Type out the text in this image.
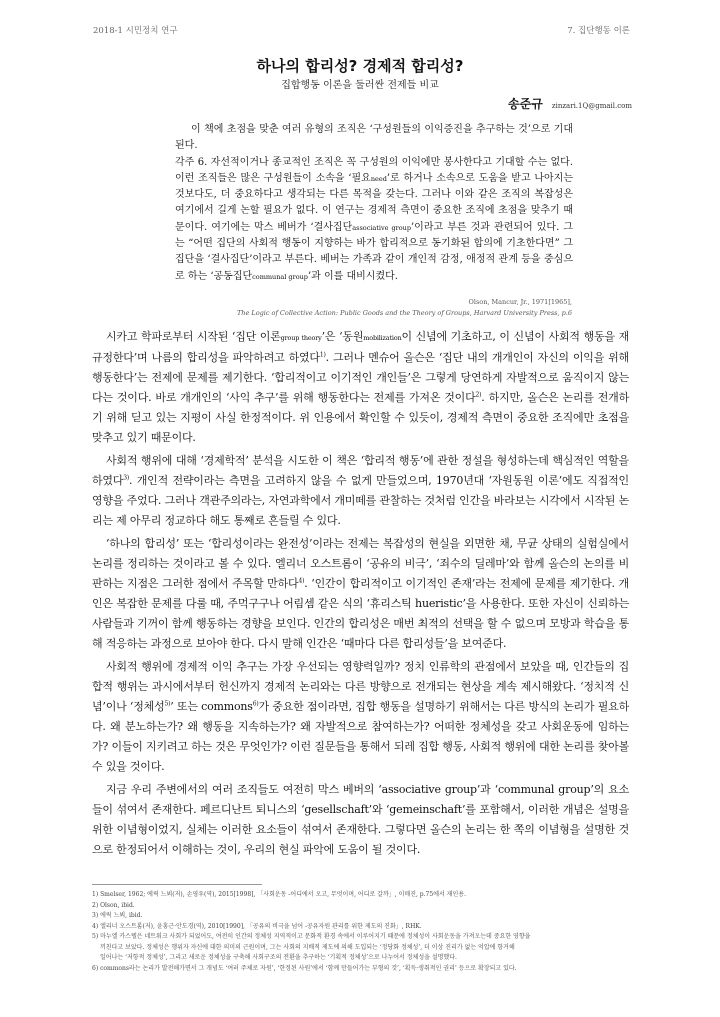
2018-1 시민정치 연구	7. 집단행동 이론
하나의 합리성? 경제적 합리성?
집합행동 이론을 둘러싼 전제들 비교
송준규 zinzari.1Q@gmail.com

이 책에 초점을 맞춘 여러 유형의 조직은 ‘구성원들의 이익증진을 추구하는 것’으로 기대된다.

각주 6. 자선적이거나 종교적인 조직은 꼭 구성원의 이익에만 봉사한다고 기대할 수는 없다. 이런 조직들은 많은 구성원들이 소속을 ‘필요need’로 하거나 소속으로 도움을 받고 나아지는 것보다도, 더 중요하다고 생각되는 다른 목적을 갖는다. 그러나 이와 같은 조직의 복잡성은 여기에서 길게 논할 필요가 없다. 이 연구는 경제적 측면이 중요한 조직에 초점을 맞추기 때문이다. 여기에는 막스 베버가 ‘결사집단associative group’이라고 부른 것과 관련되어 있다. 그는 “어떤 집단의 사회적 행동이 지향하는 바가 합리적으로 동기화된 합의에 기초한다면” 그 집단을 ‘결사집단’이라고 부른다. 베버는 가족과 같이 개인적 감정, 애정적 관계 등을 중심으로 하는 ‘공동집단communal group’과 이를 대비시켰다.

Olson, Mancur, Jr., 1971[1965],
The Logic of Collective Action: Public Goods and the Theory of Groups, Harvard University Press, p.6

시카고 학파로부터 시작된 ‘집단 이론group theory’은 ‘동원mobilization이 신념에 기초하고, 이 신념이 사회적 행동을 재규정한다’며 나름의 합리성을 파악하려고 하였다$^{1)}$. 그러나 멘슈어 올슨은 ‘집단 내의 개개인이 자신의 이익을 위해 행동한다’는 전제에 문제를 제기한다. ‘합리적이고 이기적인 개인들’은 그렇게 당연하게 자발적으로 움직이지 않는다는 것이다. 바로 개개인의 ‘사익 추구’를 위해 행동한다는 전제를 가져온 것이다$^{2)}$. 하지만, 올슨은 논리를 전개하기 위해 딛고 있는 지평이 사실 한정적이다. 위 인용에서 확인할 수 있듯이, 경제적 측면이 중요한 조직에만 초점을 맞추고 있기 때문이다.

사회적 행위에 대해 ‘경제학적’ 분석을 시도한 이 책은 ‘합리적 행동’에 관한 정설을 형성하는데 핵심적인 역할을 하였다$^{3)}$. 개인적 전략이라는 측면을 고려하지 않을 수 없게 만들었으며, 1970년대 ‘자원동원 이론’에도 직접적인 영향을 주었다. 그러나 객관주의라는, 자연과학에서 개미떼를 관찰하는 것처럼 인간을 바라보는 시각에서 시작된 논리는 제 아무리 정교하다 해도 통째로 흔들릴 수 있다.

‘하나의 합리성’ 또는 ‘합리성이라는 완전성’이라는 전제는 복잡성의 현실을 외면한 채, 무균 상태의 실험실에서 논리를 정리하는 것이라고 볼 수 있다. 엘리너 오스트롬이 ‘공유의 비극’, ‘죄수의 딜레마’와 함께 올슨의 논의를 비판하는 지점은 그러한 점에서 주목할 만하다$^{4)}$. ‘인간이 합리적이고 이기적인 존재’라는 전제에 문제를 제기한다. 개인은 복잡한 문제를 다룰 때, 주먹구구나 어림셈 같은 식의 ‘휴리스틱 hueristic’을 사용한다. 또한 자신이 신뢰하는 사람들과 기꺼이 함께 행동하는 경향을 보인다. 인간의 합리성은 매번 최적의 선택을 할 수 없으며 모방과 학습을 통해 적응하는 과정으로 보아야 한다. 다시 말해 인간은 ‘때마다 다른 합리성들’을 보여준다.

사회적 행위에 경제적 이익 추구는 가장 우선되는 영향력일까? 정치 인류학의 관점에서 보았을 때, 인간들의 집합적 행위는 과시에서부터 헌신까지 경제적 논리와는 다른 방향으로 전개되는 현상을 계속 제시해왔다. ‘정치적 신념’이나 ‘정체성$^{5)}$’ 또는 commons$^{6)}$가 중요한 점이라면, 집합 행동을 설명하기 위해서는 다른 방식의 논리가 필요하다. 왜 분노하는가? 왜 행동을 지속하는가? 왜 자발적으로 참여하는가? 어떠한 정체성을 갖고 사회운동에 임하는가? 이들이 지키려고 하는 것은 무엇인가? 이런 질문들을 통해서 되레 집합 행동, 사회적 행위에 대한 논리를 찾아볼 수 있을 것이다.

지금 우리 주변에서의 여러 조직들도 여전히 막스 베버의 ‘associative group’과 ‘communal group’의 요소들이 섞여서 존재한다. 페르디난트 퇴니스의 ‘gesellschaft’와 ‘gemeinschaft’를 포함해서, 이러한 개념은 설명을 위한 이념형이었지, 실체는 이러한 요소들이 섞여서 존재한다. 그렇다면 올슨의 논리는 한 쪽의 이념형을 설명한 것으로 한정되어서 이해하는 것이, 우리의 현실 파악에 도움이 될 것이다.

1) Smelser, 1962; 에릭 느뵈(저), 손영우(역), 2015[1998], 「사회운동 -어디에서 오고, 무엇이며, 어디로 갈까」, 이매진, p.75에서 재인용.
2) Olson, ibid.
3) 에릭 느뵈, ibid.
4) 엘리너 오스트롬(저), 윤홍근·안도경(역), 2010[1990], 「공유의 비극을 넘어 -공유자원 관리를 위한 제도의 진화」, RHK.
5) 마누엘 카스텔은 네트워크 사회가 되었어도, 여전히 인간의 정체성 지역적이고 문화적 환경 속에서 이루어지기 때문에 정체성이 사회운동을 가져오는데 중요한 영향을
끼친다고 보았다. 정체성은 행위자 자신에 대한 의미의 근원이며, 그는 사회의 지배적 제도에 의해 도입되는 ‘정당화 정체성’, 더 이상 진리가 없는 억압에 항거해
일어나는 ‘저항적 정체성’, 그리고 새로운 정체성을 구축해 사회구조의 전환을 추구하는 ‘기획적 정체성’으로 나누어서 정체성을 설명했다.
6) commons라는 논리가 발전해가면서 그 개념도 ‘여러 주체로 자원’, ‘한정된 사원’에서 ‘함께 만들어가는 부형의 것’, ‘획득·생취적인 권리’ 등으로 확장되고 있다.
